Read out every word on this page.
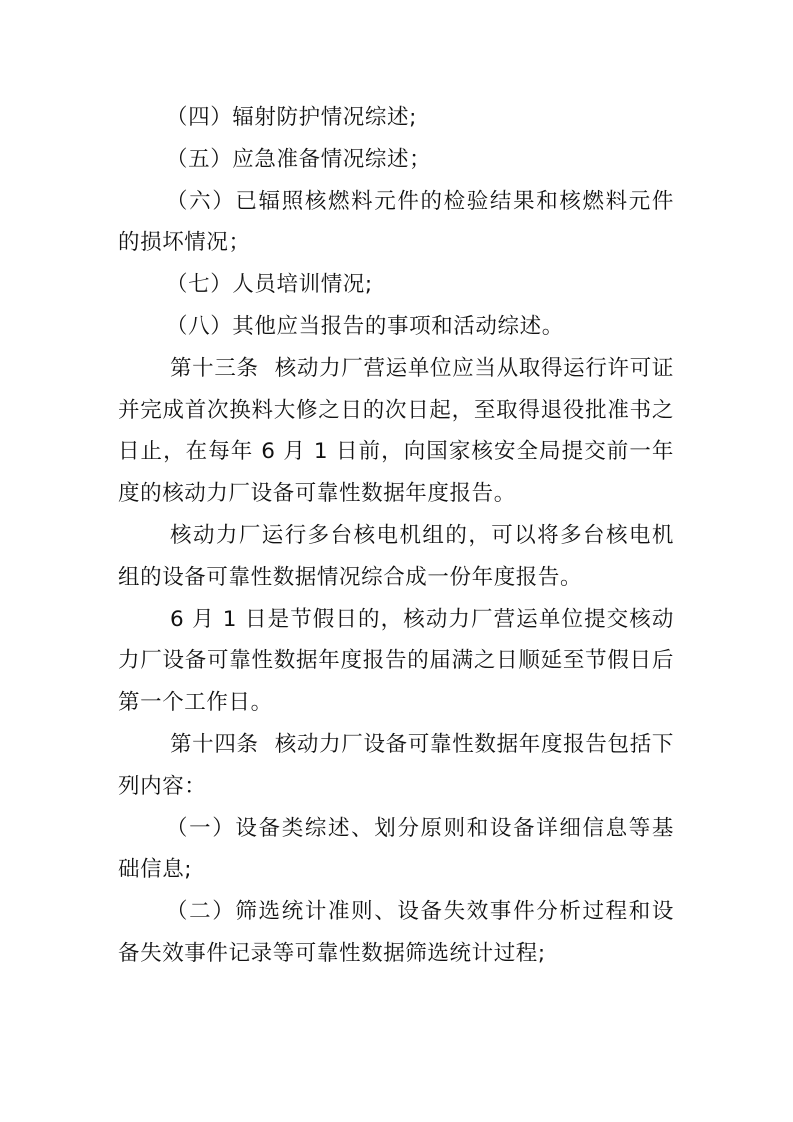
（四）辐射防护情况综述;

（五）应急准备情况综述；

（六）已辐照核燃料元件的检验结果和核燃料元件的损坏情况；

（七）人员培训情况;

（八）其他应当报告的事项和活动综述。

第十三条 核动力厂营运单位应当从取得运行许可证并完成首次换料大修之日的次日起，至取得退役批准书之日止，在每年 6 月 1 日前，向国家核安全局提交前一年度的核动力厂设备可靠性数据年度报告。

核动力厂运行多台核电机组的，可以将多台核电机组的设备可靠性数据情况综合成一份年度报告。

6 月 1 日是节假日的，核动力厂营运单位提交核动力厂设备可靠性数据年度报告的届满之日顺延至节假日后第一个工作日。

第十四条 核动力厂设备可靠性数据年度报告包括下列内容：

（一）设备类综述、划分原则和设备详细信息等基础信息;

（二）筛选统计准则、设备失效事件分析过程和设备失效事件记录等可靠性数据筛选统计过程;
